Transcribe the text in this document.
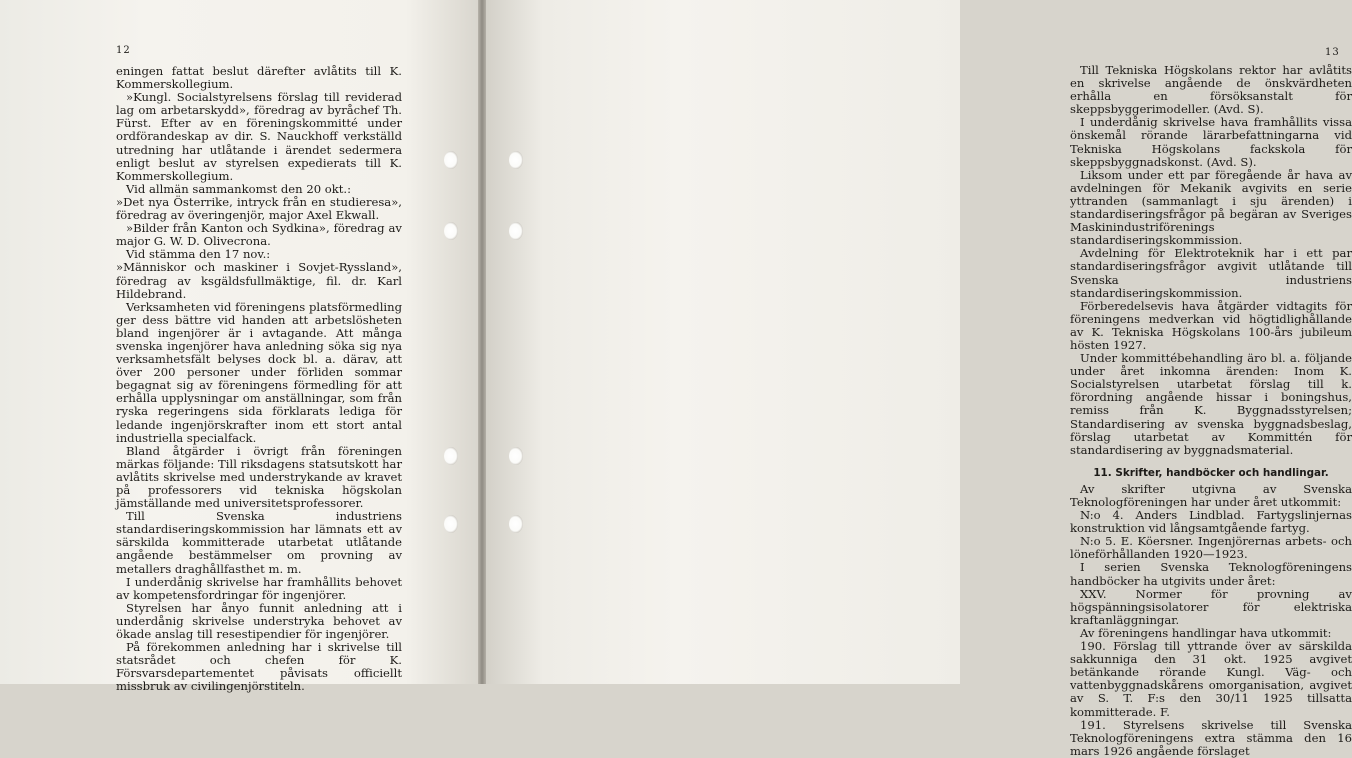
12

eningen fattat beslut därefter avlåtits till K. Kommerskollegium.

»Kungl. Socialstyrelsens förslag till reviderad lag om arbetarskydd», föredrag av byråchef Th. Fürst. Efter av en föreningskommitté under ordförandeskap av dir. S. Nauckhoff verkställd utredning har utlåtande i ärendet sedermera enligt beslut av styrelsen expedierats till K. Kommerskollegium.

Vid allmän sammankomst den 20 okt.:

»Det nya Österrike, intryck från en studieresa», föredrag av överingenjör, major Axel Ekwall.

»Bilder från Kanton och Sydkina», föredrag av major G. W. D. Olivecrona.

Vid stämma den 17 nov.:

»Människor och maskiner i Sovjet-Ryssland», föredrag av ksgäldsfullmäktige, fil. dr. Karl Hildebrand.

Verksamheten vid föreningens platsförmedling ger dess bättre vid handen att arbetslösheten bland ingenjörer är i avtagande. Att många svenska ingenjörer hava anledning söka sig nya verksamhetsfält belyses dock bl. a. därav, att över 200 personer under förliden sommar begagnat sig av föreningens förmedling för att erhålla upplysningar om anställningar, som från ryska regeringens sida förklarats lediga för ledande ingenjörskrafter inom ett stort antal industriella specialfack.

Bland åtgärder i övrigt från föreningen märkas följande: Till riksdagens statsutskott har avlåtits skrivelse med understrykande av kravet på professorers vid tekniska högskolan jämställande med universitetsprofessorer.

Till Svenska industriens standardiseringskommission har lämnats ett av särskilda kommitterade utarbetat utlåtande angående bestämmelser om provning av metallers draghållfasthet m. m.

I underdånig skrivelse har framhållits behovet av kompetensfordringar för ingenjörer.

Styrelsen har ånyo funnit anledning att i underdånig skrivelse understryka behovet av ökade anslag till resestipendier för ingenjörer.

På förekommen anledning har i skrivelse till statsrådet och chefen för K. Försvarsdepartementet påvisats officiellt missbruk av civilingenjörstiteln.

13

Till Tekniska Högskolans rektor har avlåtits en skrivelse angående de önskvärdheten erhålla en försöksanstalt för skeppsbyggerimodeller. (Avd. S).

I underdånig skrivelse hava framhållits vissa önskemål rörande lärarbefattningarna vid Tekniska Högskolans fackskola för skeppsbyggnadskonst. (Avd. S).

Liksom under ett par föregående år hava av avdelningen för Mekanik avgivits en serie yttranden (sammanlagt i sju ärenden) i standardiseringsfrågor på begäran av Sveriges Maskinindustriförenings standardiseringskommission.

Avdelning för Elektroteknik har i ett par standardiseringsfrågor avgivit utlåtande till Svenska industriens standardiseringskommission.

Förberedelsevis hava åtgärder vidtagits för föreningens medverkan vid högtidlighållande av K. Tekniska Högskolans 100-års jubileum hösten 1927.

Under kommittébehandling äro bl. a. följande under året inkomna ärenden: Inom K. Socialstyrelsen utarbetat förslag till k. förordning angående hissar i boningshus, remiss från K. Byggnadsstyrelsen; Standardisering av svenska byggnadsbeslag, förslag utarbetat av Kommittén för standardisering av byggnadsmaterial.

11. Skrifter, handböcker och handlingar.

Av skrifter utgivna av Svenska Teknologföreningen har under året utkommit:

N:o 4. Anders Lindblad. Fartygslinjernas konstruktion vid långsamtgående fartyg.

N:o 5. E. Köersner. Ingenjörernas arbets- och löneförhållanden 1920—1923.

I serien Svenska Teknologföreningens handböcker ha utgivits under året:

XXV. Normer för provning av högspänningsisolatorer för elektriska kraftanläggningar.

Av föreningens handlingar hava utkommit:

190. Förslag till yttrande över av särskilda sakkunniga den 31 okt. 1925 avgivet betänkande rörande Kungl. Väg- och vattenbyggnadskårens omorganisation, avgivet av S. T. F:s den 30/11 1925 tillsatta kommitterade. F.

191. Styrelsens skrivelse till Svenska Teknologföreningens extra stämma den 16 mars 1926 angående förslaget
